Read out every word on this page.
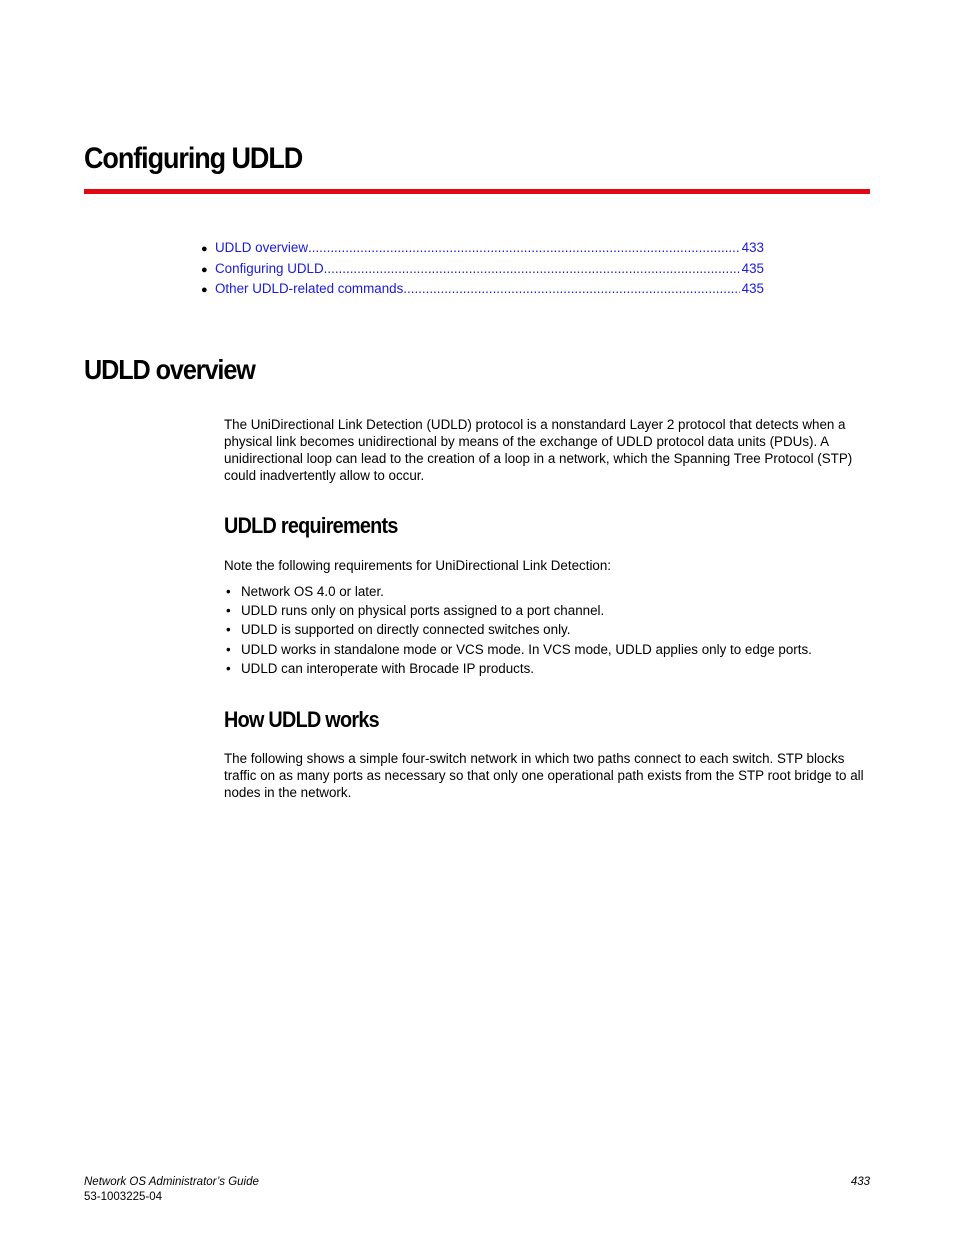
Configuring UDLD
● UDLD overview .....	433
● Configuring UDLD .....	435
● Other UDLD-related commands .....	435
UDLD overview

The UniDirectional Link Detection (UDLD) protocol is a nonstandard Layer 2 protocol that detects when a physical link becomes unidirectional by means of the exchange of UDLD protocol data units (PDUs). A unidirectional loop can lead to the creation of a loop in a network, which the Spanning Tree Protocol (STP) could inadvertently allow to occur.

UDLD requirements

Note the following requirements for UniDirectional Link Detection:

• Network OS 4.0 or later.
• UDLD runs only on physical ports assigned to a port channel.
• UDLD is supported on directly connected switches only.
• UDLD works in standalone mode or VCS mode. In VCS mode, UDLD applies only to edge ports.
• UDLD can interoperate with Brocade IP products.
How UDLD works

The following shows a simple four-switch network in which two paths connect to each switch. STP blocks traffic on as many ports as necessary so that only one operational path exists from the STP root bridge to all nodes in the network.

Network OS Administrator’s Guide
53-1003225-04
433
